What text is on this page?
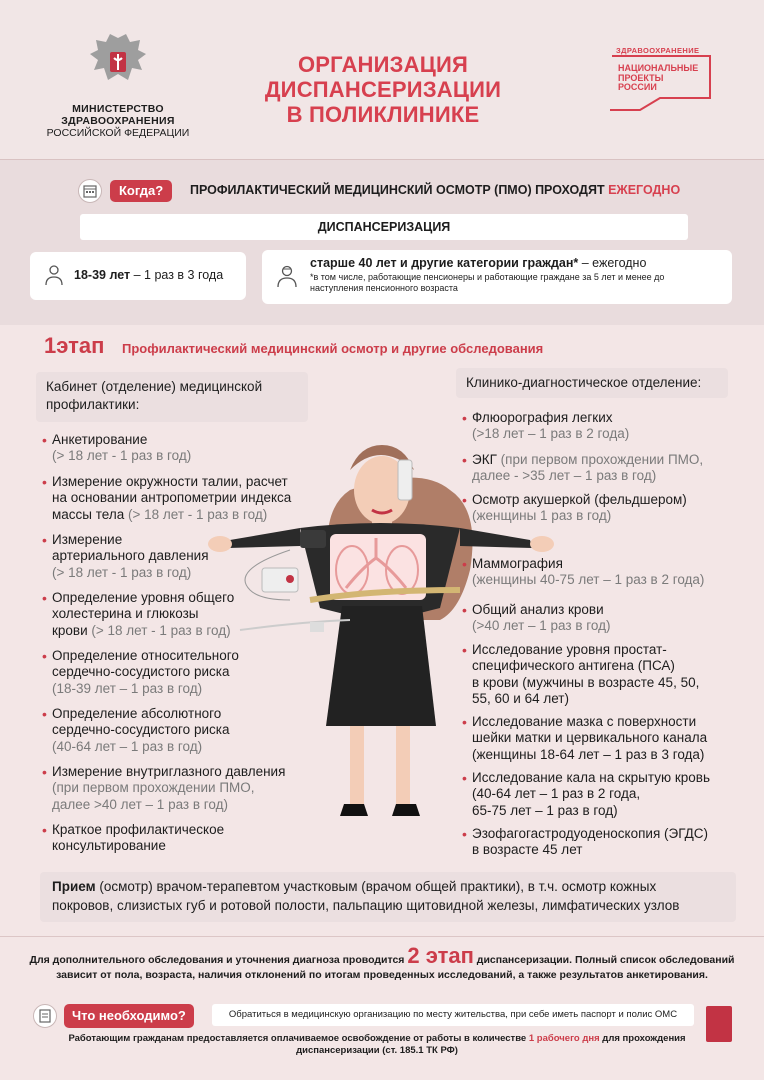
МИНИСТЕРСТВО
ЗДРАВООХРАНЕНИЯ
РОССИЙСКОЙ ФЕДЕРАЦИИ
ОРГАНИЗАЦИЯ
ДИСПАНСЕРИЗАЦИИ
В ПОЛИКЛИНИКЕ
ЗДРАВООХРАНЕНИЕ
НАЦИОНАЛЬНЫЕ ПРОЕКТЫ РОССИИ
Когда?	ПРОФИЛАКТИЧЕСКИЙ МЕДИЦИНСКИЙ ОСМОТР (ПМО) ПРОХОДЯТ ЕЖЕГОДНО
ДИСПАНСЕРИЗАЦИЯ
18-39 лет – 1 раз в 3 года
старше 40 лет и другие категории граждан* – ежегодно
*в том числе, работающие пенсионеры и работающие граждане за 5 лет и менее до наступления пенсионного возраста
1этап Профилактический медицинский осмотр и другие обследования
Кабинет (отделение) медицинской профилактики:
Клинико-диагностическое отделение:
• Анкетирование
(> 18 лет - 1 раз в год)
• Измерение окружности талии, расчет
на основании антропометрии индекса
массы тела (> 18 лет - 1 раз в год)
• Измерение
артериального давления
(> 18 лет - 1 раз в год)
• Определение уровня общего
холестерина и глюкозы
крови (> 18 лет - 1 раз в год)
• Определение относительного
сердечно-сосудистого риска
(18-39 лет – 1 раз в год)
• Определение абсолютного
сердечно-сосудистого риска
(40-64 лет – 1 раз в год)
• Измерение внутриглазного давления
(при первом прохождении ПМО,
далее >40 лет – 1 раз в год)
• Краткое профилактическое
консультирование
• Флюорография легких
(>18 лет – 1 раз в 2 года)
• ЭКГ (при первом прохождении ПМО,
далее - >35 лет – 1 раз в год)
• Осмотр акушеркой (фельдшером)
(женщины 1 раз в год)
• Маммография
(женщины 40-75 лет – 1 раз в 2 года)
• Общий анализ крови
(>40 лет – 1 раз в год)
• Исследование уровня простат-
специфического антигена (ПСА)
в крови (мужчины в возрасте 45, 50,
55, 60 и 64 лет)
• Исследование мазка с поверхности
шейки матки и цервикального канала
(женщины 18-64 лет – 1 раз в 3 года)
• Исследование кала на скрытую кровь
(40-64 лет – 1 раз в 2 года,
65-75 лет – 1 раз в год)
• Эзофагогастродуоденоскопия (ЭГДС)
в возрасте 45 лет
Прием (осмотр) врачом-терапевтом участковым (врачом общей практики), в т.ч. осмотр кожных
покровов, слизистых губ и ротовой полости, пальпацию щитовидной железы, лимфатических узлов
Для дополнительного обследования и уточнения диагноза проводится 2 этап диспансеризации. Полный список обследований
зависит от пола, возраста, наличия отклонений по итогам проведенных исследований, а также результатов анкетирования.
Что необходимо?	Обратиться в медицинскую организацию по месту жительства, при себе иметь паспорт и полис ОМС
Работающим гражданам предоставляется оплачиваемое освобождение от работы в количестве 1 рабочего дня для прохождения
диспансеризации (ст. 185.1 ТК РФ)
